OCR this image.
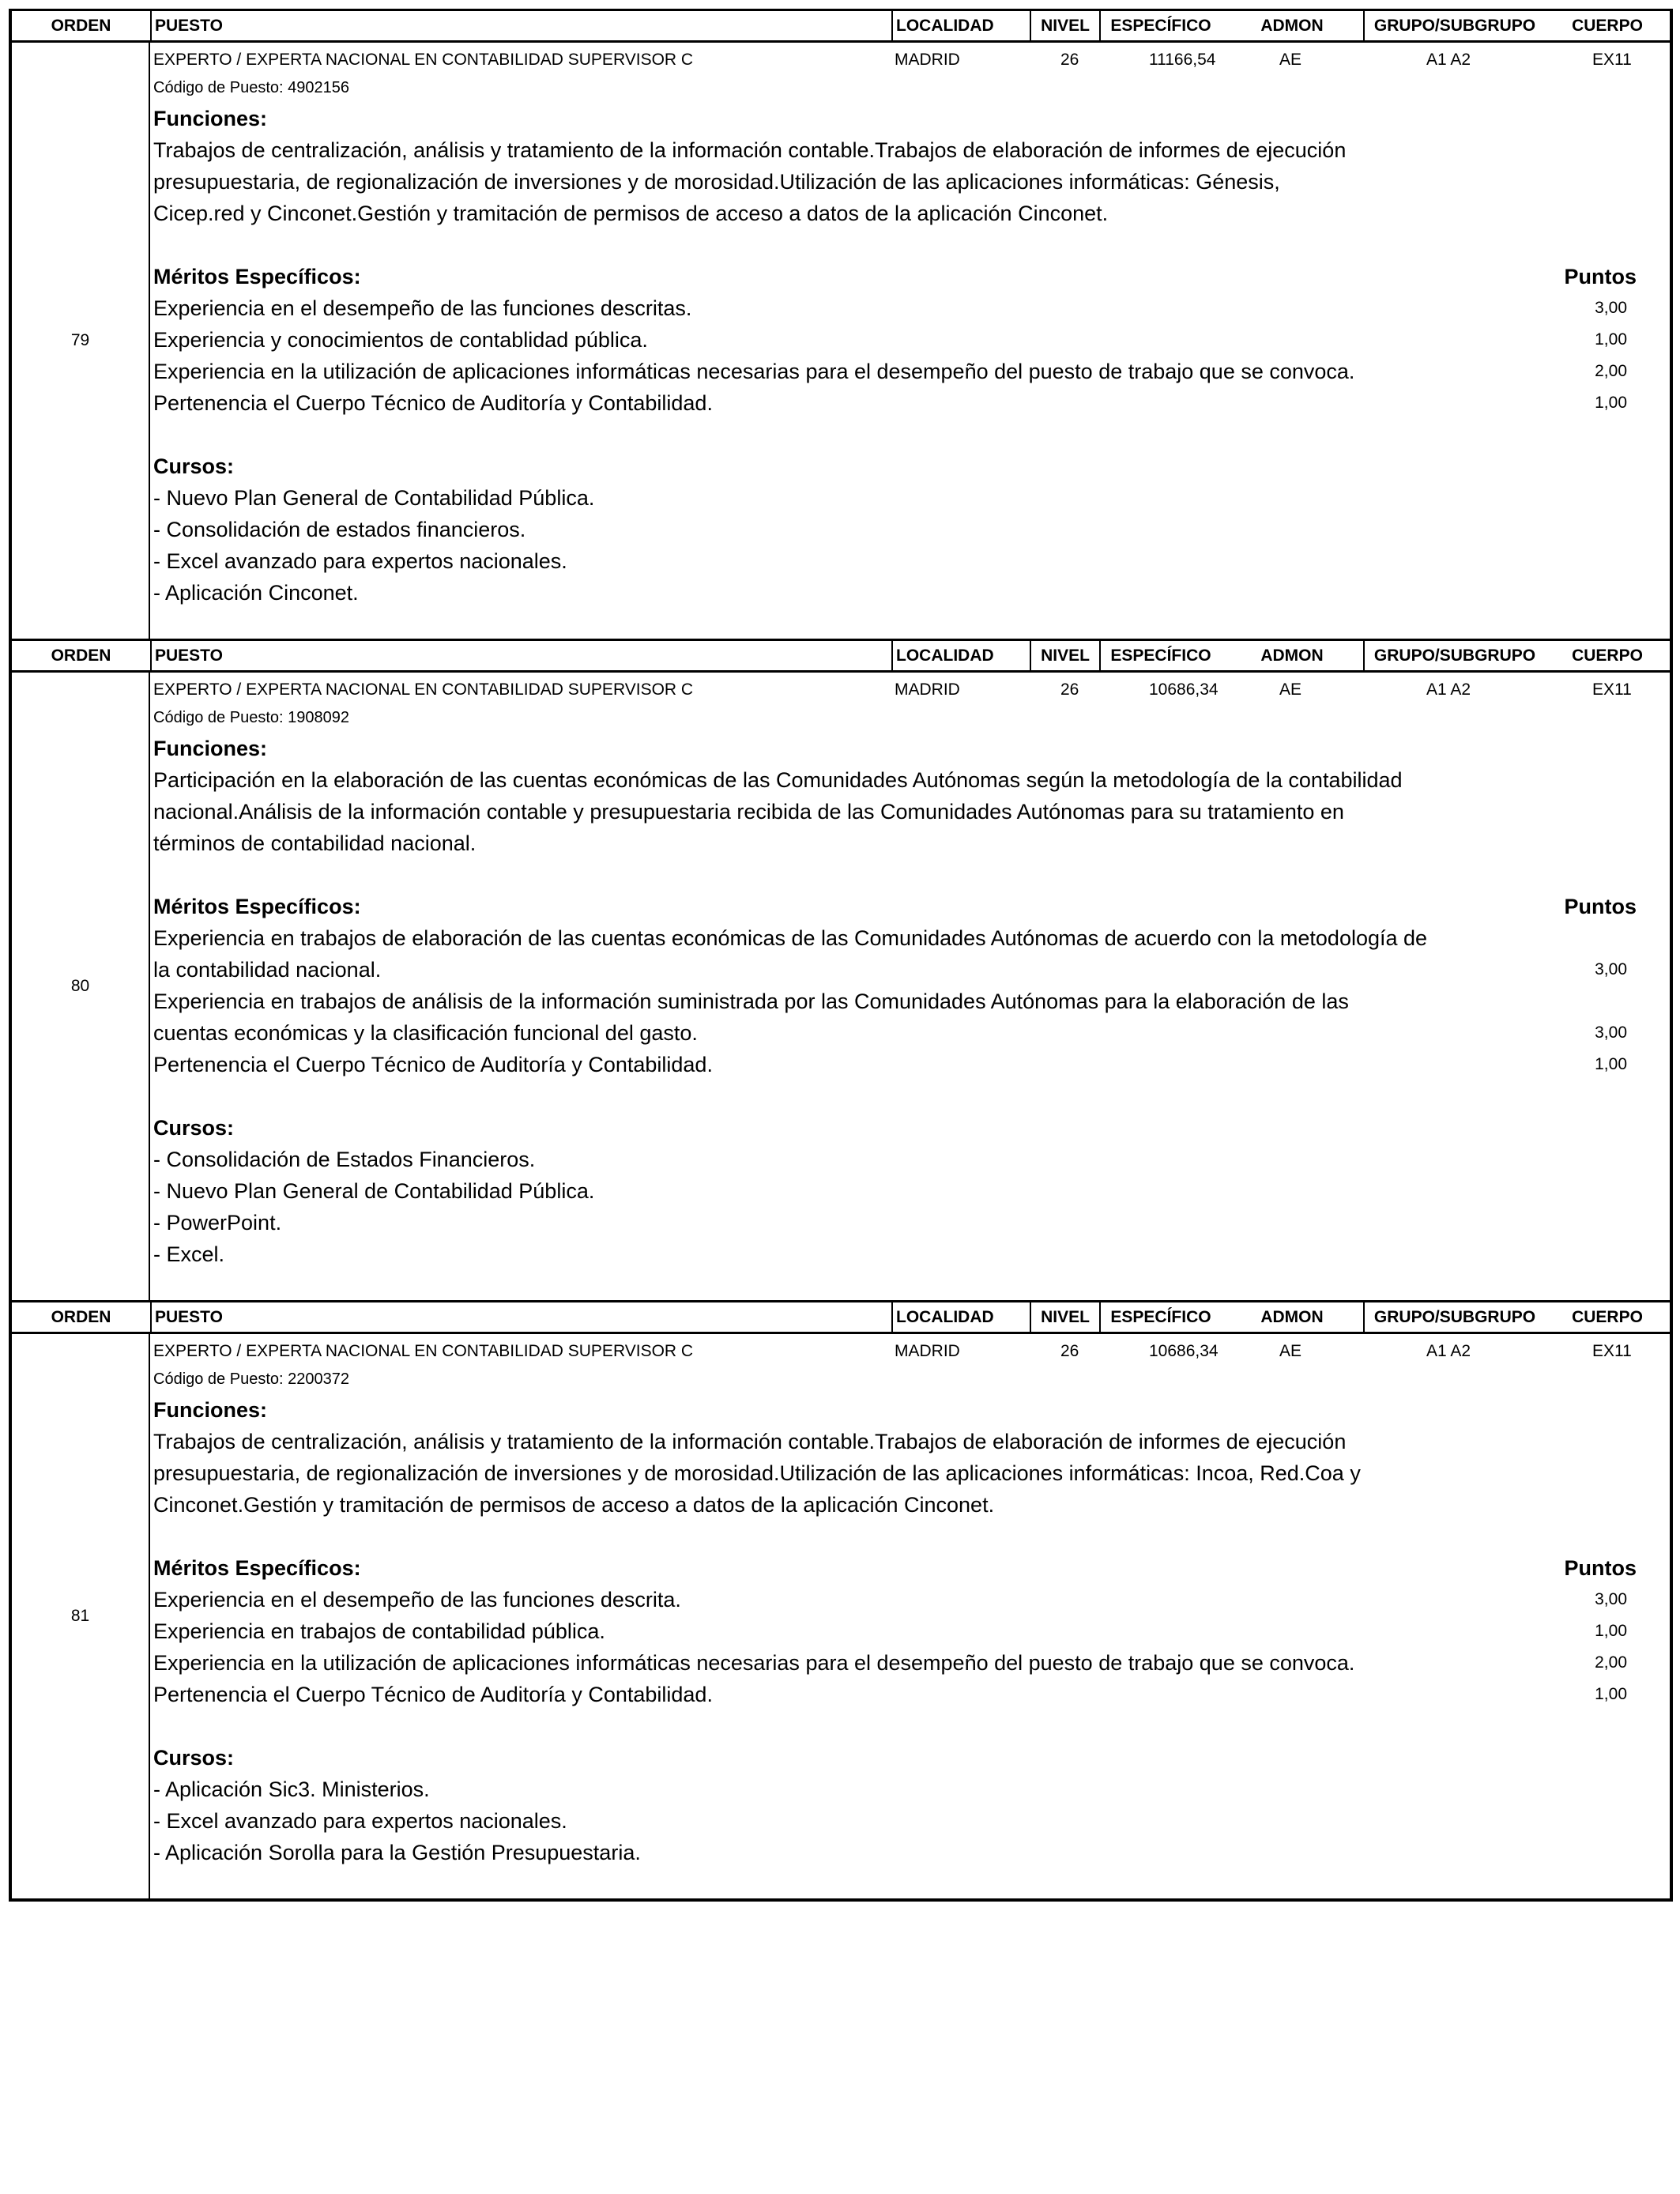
ORDEN	PUESTO	LOCALIDAD	NIVEL	ESPECÍFICO	ADMON	GRUPO/SUBGRUPO	CUERPO
79
EXPERTO / EXPERTA NACIONAL EN CONTABILIDAD SUPERVISOR C	MADRID	26	11166,54	AE	A1 A2	EX11
Código de Puesto: 4902156
Funciones:
Trabajos de centralización, análisis y tratamiento de la información contable.Trabajos de elaboración de informes de ejecución
presupuestaria, de regionalización de inversiones y de morosidad.Utilización de las aplicaciones informáticas: Génesis,
Cicep.red y Cinconet.Gestión y tramitación de permisos de acceso a datos de la aplicación Cinconet.
Méritos Específicos:	Puntos
Experiencia en el desempeño de las funciones descritas.	3,00
Experiencia y conocimientos de contablidad pública.	1,00
Experiencia en la utilización de aplicaciones informáticas necesarias para el desempeño del puesto de trabajo que se convoca.	2,00
Pertenencia el Cuerpo Técnico de Auditoría y Contabilidad.	1,00
Cursos:
- Nuevo Plan General de Contabilidad Pública.
- Consolidación de estados financieros.
- Excel avanzado para expertos nacionales.
- Aplicación Cinconet.
ORDEN	PUESTO	LOCALIDAD	NIVEL	ESPECÍFICO	ADMON	GRUPO/SUBGRUPO	CUERPO
80
EXPERTO / EXPERTA NACIONAL EN CONTABILIDAD SUPERVISOR C	MADRID	26	10686,34	AE	A1 A2	EX11
Código de Puesto: 1908092
Funciones:
Participación en la elaboración de las cuentas económicas de las Comunidades Autónomas según la metodología de la contabilidad
nacional.Análisis de la información contable y presupuestaria recibida de las Comunidades Autónomas para su tratamiento en
términos de contabilidad nacional.
Méritos Específicos:	Puntos
Experiencia en trabajos de elaboración de las cuentas económicas de las Comunidades Autónomas de acuerdo con la metodología de
la contabilidad nacional.	3,00
Experiencia en trabajos de análisis de la información suministrada por las Comunidades Autónomas para la elaboración de las
cuentas económicas y la clasificación funcional del gasto.	3,00
Pertenencia el Cuerpo Técnico de Auditoría y Contabilidad.	1,00
Cursos:
- Consolidación de Estados Financieros.
- Nuevo Plan General de Contabilidad Pública.
- PowerPoint.
- Excel.
ORDEN	PUESTO	LOCALIDAD	NIVEL	ESPECÍFICO	ADMON	GRUPO/SUBGRUPO	CUERPO
81
EXPERTO / EXPERTA NACIONAL EN CONTABILIDAD SUPERVISOR C	MADRID	26	10686,34	AE	A1 A2	EX11
Código de Puesto: 2200372
Funciones:
Trabajos de centralización, análisis y tratamiento de la información contable.Trabajos de elaboración de informes de ejecución
presupuestaria, de regionalización de inversiones y de morosidad.Utilización de las aplicaciones informáticas: Incoa, Red.Coa y
Cinconet.Gestión y tramitación de permisos de acceso a datos de la aplicación Cinconet.
Méritos Específicos:	Puntos
Experiencia en el desempeño de las funciones descrita.	3,00
Experiencia en trabajos de contabilidad pública.	1,00
Experiencia en la utilización de aplicaciones informáticas necesarias para el desempeño del puesto de trabajo que se convoca.	2,00
Pertenencia el Cuerpo Técnico de Auditoría y Contabilidad.	1,00
Cursos:
- Aplicación Sic3. Ministerios.
- Excel avanzado para expertos nacionales.
- Aplicación Sorolla para la Gestión Presupuestaria.
